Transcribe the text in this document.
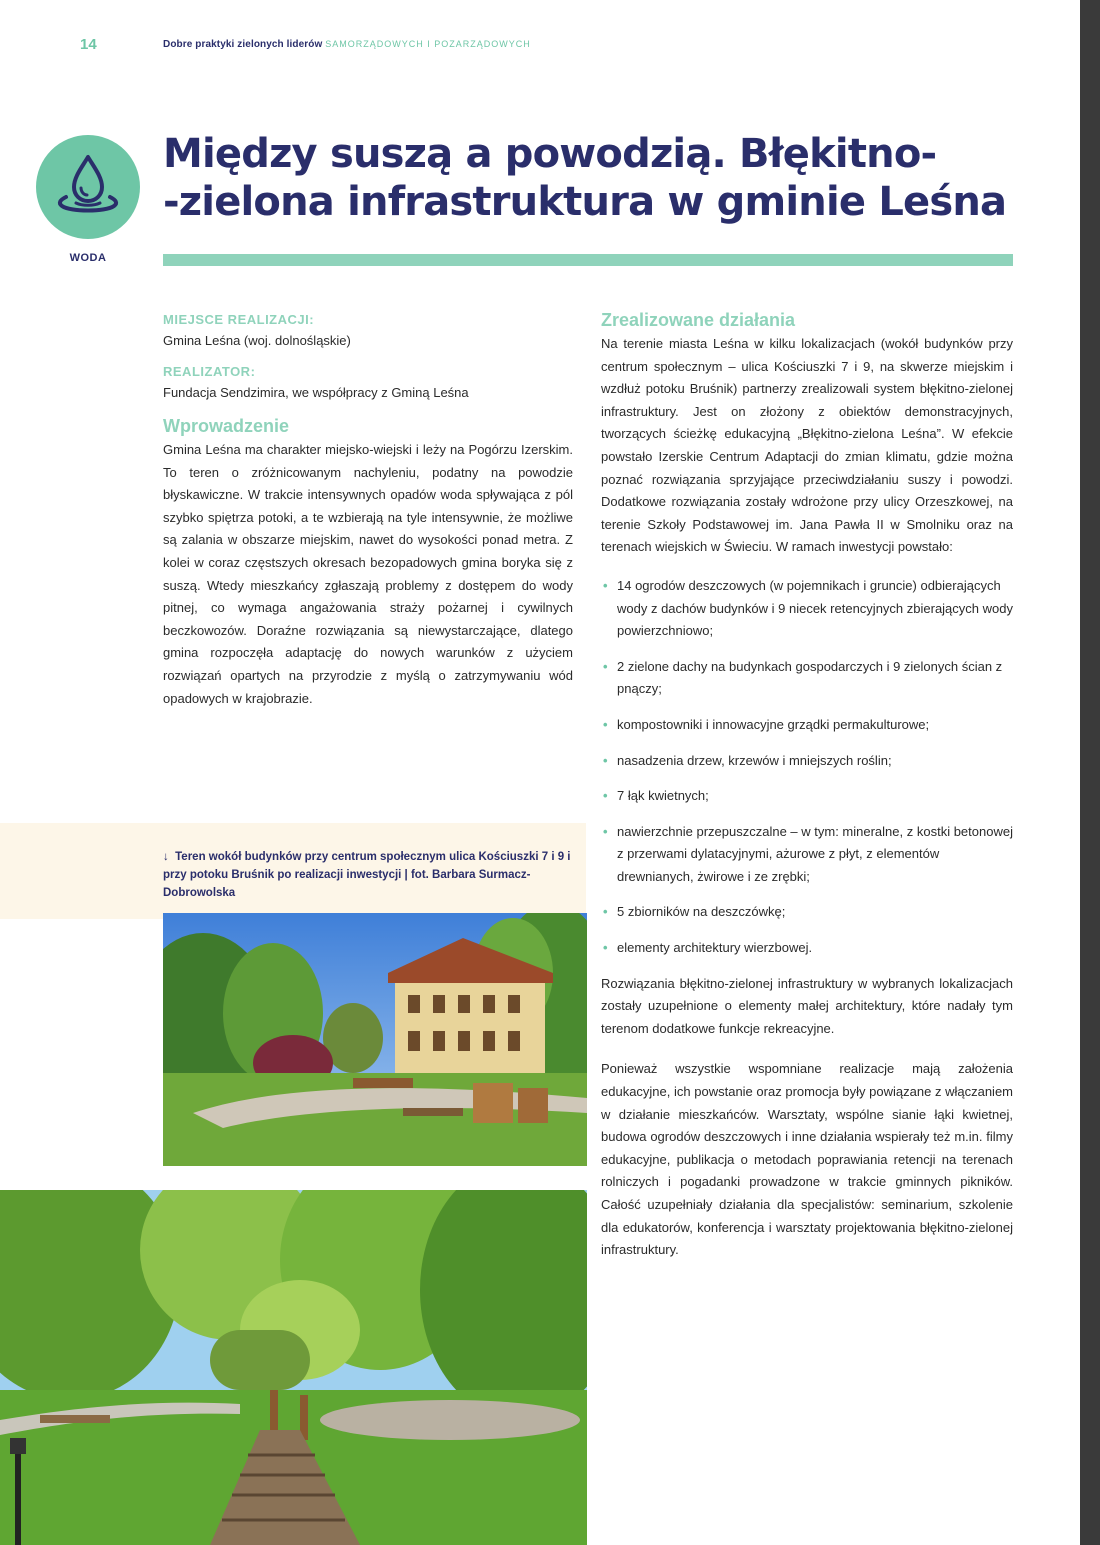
14	Dobre praktyki zielonych liderów SAMORZĄDOWYCH I POZARZĄDOWYCH
WODA
Między suszą a powodzią. Błękitno-
-zielona infrastruktura w gminie Leśna

MIEJSCE REALIZACJI:

Gmina Leśna (woj. dolnośląskie)

REALIZATOR:

Fundacja Sendzimira, we współpracy z Gminą Leśna

Wprowadzenie

Gmina Leśna ma charakter miejsko-wiejski i leży na Pogórzu Izerskim. To teren o zróżnicowanym nachyleniu, podatny na powodzie błyskawiczne. W trakcie intensywnych opadów woda spływająca z pól szybko spiętrza potoki, a te wzbierają na tyle intensywnie, że możliwe są zalania w obszarze miejskim, nawet do wysokości ponad metra. Z kolei w coraz częstszych okresach bezopadowych gmina boryka się z suszą. Wtedy mieszkańcy zgłaszają problemy z dostępem do wody pitnej, co wymaga angażowania straży pożarnej i cywilnych beczkowozów. Doraźne rozwiązania są niewystarczające, dlatego gmina rozpoczęła adaptację do nowych warunków z użyciem rozwiązań opartych na przyrodzie z myślą o zatrzymywaniu wód opadowych w krajobrazie.

↓ Teren wokół budynków przy centrum społecznym ulica Kościuszki 7 i 9 i przy potoku Bruśnik po realizacji inwestycji | fot. Barbara Surmacz-Dobrowolska

Zrealizowane działania

Na terenie miasta Leśna w kilku lokalizacjach (wokół budynków przy centrum społecznym – ulica Kościuszki 7 i 9, na skwerze miejskim i wzdłuż potoku Bruśnik) partnerzy zrealizowali system błękitno-zielonej infrastruktury. Jest on złożony z obiektów demonstracyjnych, tworzących ścieżkę edukacyjną „Błękitno-zielona Leśna”. W efekcie powstało Izerskie Centrum Adaptacji do zmian klimatu, gdzie można poznać rozwiązania sprzyjające przeciwdziałaniu suszy i powodzi. Dodatkowe rozwiązania zostały wdrożone przy ulicy Orzeszkowej, na terenie Szkoły Podstawowej im. Jana Pawła II w Smolniku oraz na terenach wiejskich w Świeciu. W ramach inwestycji powstało:

• 14 ogrodów deszczowych (w pojemnikach i gruncie) odbierających wody z dachów budynków i 9 niecek retencyjnych zbierających wody powierzchniowo;
• 2 zielone dachy na budynkach gospodarczych i 9 zielonych ścian z pnączy;
• kompostowniki i innowacyjne grządki permakulturowe;
• nasadzenia drzew, krzewów i mniejszych roślin;
• 7 łąk kwietnych;
• nawierzchnie przepuszczalne – w tym: mineralne, z kostki betonowej z przerwami dylatacyjnymi, ażurowe z płyt, z elementów drewnianych, żwirowe i ze zrębki;
• 5 zbiorników na deszczówkę;
• elementy architektury wierzbowej.

Rozwiązania błękitno-zielonej infrastruktury w wybranych lokalizacjach zostały uzupełnione o elementy małej architektury, które nadały tym terenom dodatkowe funkcje rekreacyjne.

Ponieważ wszystkie wspomniane realizacje mają założenia edukacyjne, ich powstanie oraz promocja były powiązane z włączaniem w działanie mieszkańców. Warsztaty, wspólne sianie łąki kwietnej, budowa ogrodów deszczowych i inne działania wspierały też m.in. filmy edukacyjne, publikacja o metodach poprawiania retencji na terenach rolniczych i pogadanki prowadzone w trakcie gminnych pikników. Całość uzupełniały działania dla specjalistów: seminarium, szkolenie dla edukatorów, konferencja i warsztaty projektowania błękitno-zielonej infrastruktury.
